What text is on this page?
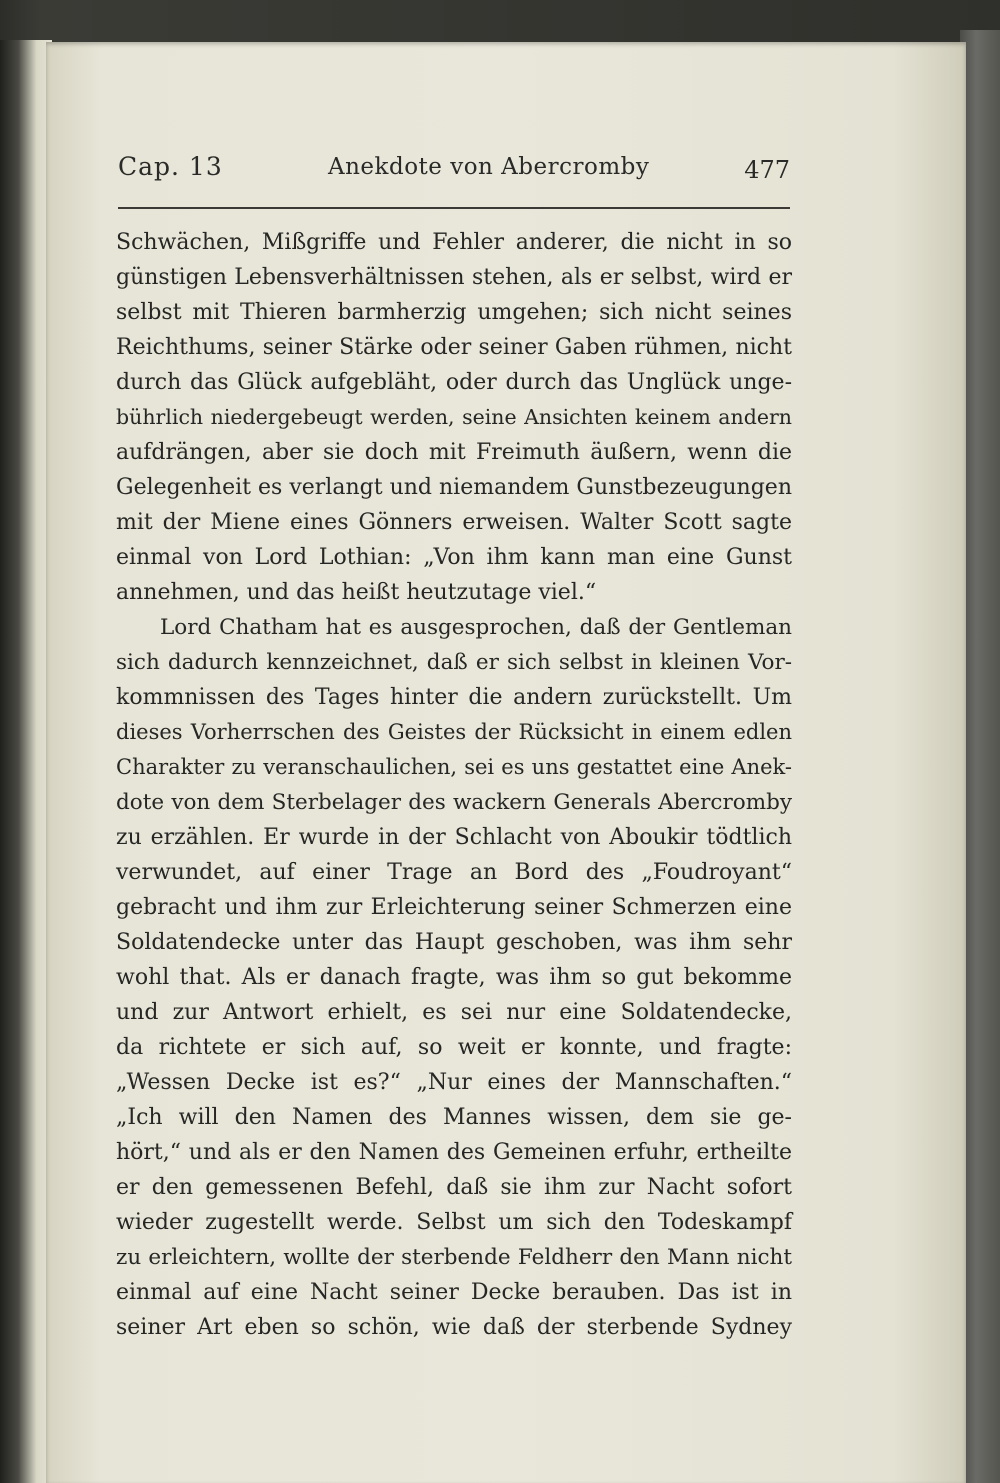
Cap. 13	Anekdote von Abercromby	477
Schwächen, Mißgriffe und Fehler anderer, die nicht in so
günstigen Lebensverhältnissen stehen, als er selbst, wird er
selbst mit Thieren barmherzig umgehen; sich nicht seines
Reichthums, seiner Stärke oder seiner Gaben rühmen, nicht
durch das Glück aufgebläht, oder durch das Unglück unge-
bührlich niedergebeugt werden, seine Ansichten keinem andern
aufdrängen, aber sie doch mit Freimuth äußern, wenn die
Gelegenheit es verlangt und niemandem Gunstbezeugungen
mit der Miene eines Gönners erweisen. Walter Scott sagte
einmal von Lord Lothian: „Von ihm kann man eine Gunst
annehmen, und das heißt heutzutage viel.“
Lord Chatham hat es ausgesprochen, daß der Gentleman
sich dadurch kennzeichnet, daß er sich selbst in kleinen Vor-
kommnissen des Tages hinter die andern zurückstellt. Um
dieses Vorherrschen des Geistes der Rücksicht in einem edlen
Charakter zu veranschaulichen, sei es uns gestattet eine Anek-
dote von dem Sterbelager des wackern Generals Abercromby
zu erzählen. Er wurde in der Schlacht von Aboukir tödtlich
verwundet, auf einer Trage an Bord des „Foudroyant“
gebracht und ihm zur Erleichterung seiner Schmerzen eine
Soldatendecke unter das Haupt geschoben, was ihm sehr
wohl that. Als er danach fragte, was ihm so gut bekomme
und zur Antwort erhielt, es sei nur eine Soldatendecke,
da richtete er sich auf, so weit er konnte, und fragte:
„Wessen Decke ist es?“ „Nur eines der Mannschaften.“
„Ich will den Namen des Mannes wissen, dem sie ge-
hört,“ und als er den Namen des Gemeinen erfuhr, ertheilte
er den gemessenen Befehl, daß sie ihm zur Nacht sofort
wieder zugestellt werde. Selbst um sich den Todeskampf
zu erleichtern, wollte der sterbende Feldherr den Mann nicht
einmal auf eine Nacht seiner Decke berauben. Das ist in
seiner Art eben so schön, wie daß der sterbende Sydney
